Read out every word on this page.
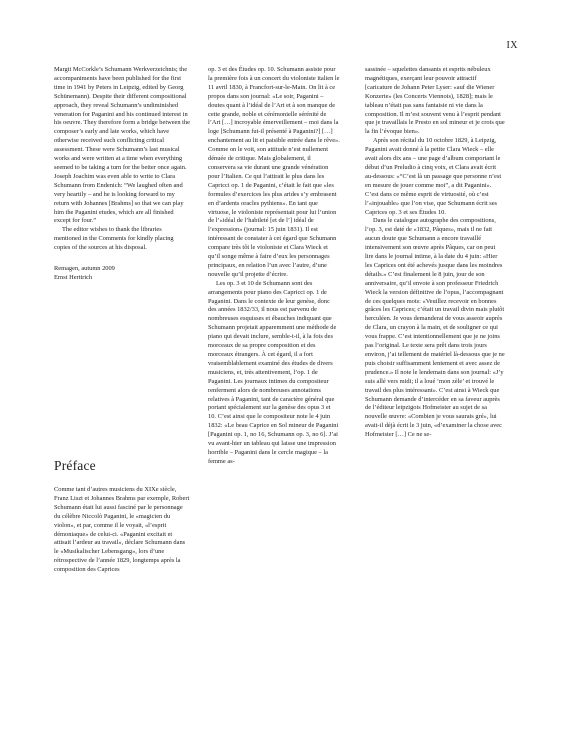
IX

Margit McCorkle’s Schumann Werkverzeichnis; the accompaniments have been published for the first time in 1941 by Peters in Leipzig, edited by Georg Schünemann). Despite their different compositional approach, they reveal Schumann’s undiminished veneration for Paganini and his continued interest in his oeuvre. They therefore form a bridge between the composer’s early and late works, which have otherwise received such conflicting critical assessment. These were Schumann’s last musical works and were written at a time when everything seemed to be taking a turn for the better once again. Joseph Joachim was even able to write to Clara Schumann from Endenich: “We laughed often and very heartily – and he is looking forward to my return with Johannes [Brahms] so that we can play him the Paganini etudes, which are all finished except for four.”

The editor wishes to thank the libraries mentioned in the Comments for kindly placing copies of the sources at his disposal.

Remagen, autumn 2009

Ernst Herttrich

Préface

Comme tant d’autres musiciens du XIXe siècle, Franz Liszt et Johannes Brahms par exemple, Robert Schumann était lui aussi fasciné par le personnage du célèbre Niccolò Paganini, le «magicien du violon», et par, comme il le voyait, «l’esprit démoniaque» de celui-ci. «Paganini excitait et attisait l’ardeur au travail», déclare Schumann dans le «Musikalischer Lebensgang», lors d’une rétrospective de l’année 1829, longtemps après la composition des Caprices

op. 3 et des Études op. 10. Schumann assiste pour la première fois à un concert du violoniste italien le 11 avril 1830, à Francfort-sur-le-Main. On lit à ce propos dans son journal: «Le soir, Paganini – doutes quant à l’idéal de l’Art et à son manque de cette grande, noble et cérémonielle sérénité de l’Art […] incroyable émerveillement – moi dans la loge [Schumann fut-il présenté à Paganini?] […] enchantement au lit et paisible entrée dans le rêve». Comme on le voit, son attitude n’est nullement dénuée de critique. Mais globalement, il conservera sa vie durant une grande vénération pour l’Italien. Ce qui l’attirait le plus dans les Capricci op. 1 de Paganini, c’était le fait que «les formules d’exercices les plus arides s’y embrasent en d’ardents oracles pythiens». En tant que virtuose, le violoniste représentait pour lui l’union de l’«idéal de l’habileté [et de l’] idéal de l’expression» (journal: 15 juin 1831). Il est intéressant de constater à cet égard que Schumann compare très tôt le violoniste et Clara Wieck et qu’il songe même à faire d’eux les personnages principaux, en relation l’un avec l’autre, d’une nouvelle qu’il projette d’écrire.

Les op. 3 et 10 de Schumann sont des arrangements pour piano des Capricci op. 1 de Paganini. Dans le contexte de leur genèse, donc des années 1832/33, il nous est parvenu de nombreuses esquisses et ébauches indiquant que Schumann projetait apparemment une méthode de piano qui devait inclure, semble-t-il, à la fois des morceaux de sa propre composition et des morceaux étrangers. À cet égard, il a fort vraisemblablement examiné des études de divers musiciens, et, très attentivement, l’op. 1 de Paganini. Les journaux intimes du compositeur renferment alors de nombreuses annotations relatives à Paganini, tant de caractère général que portant spécialement sur la genèse des opus 3 et 10. C’est ainsi que le compositeur note le 4 juin 1832: «Le beau Caprice en Sol mineur de Paganini [Paganini op. 1, no 16, Schumann op. 3, no 6]. J’ai vu avant-hier un tableau qui laisse une impression horrible – Paganini dans le cercle magique – la femme as-

sassinée – squelettes dansants et esprits nébuleux magnétiques, exerçant leur pouvoir attractif [caricature de Johann Peter Lyser: «auf die Wiener Konzerte» (les Concerts Viennois), 1828]; mais le tableau n’était pas sans fantaisie ni vie dans la composition. Il m’est souvent venu à l’esprit pendant que je travaillais le Presto en sol mineur et je crois que la fin l’évoque bien».

Après son récital du 10 octobre 1829, à Leipzig, Paganini avait donné à la petite Clara Wieck – elle avait alors dix ans – une page d’album comportant le début d’un Preludio à cinq voix, et Clara avait écrit au-dessous: «“C’est là un passage que personne n’est en mesure de jouer comme moi”, a dit Paganini». C’est dans ce même esprit de virtuosité, où c’est l’«injouable» que l’on vise, que Schumann écrit ses Caprices op. 3 et ses Études 10.

Dans le catalogue autographe des compositions, l’op. 3, est daté de «1832, Pâques», mais il ne fait aucun doute que Schumann a encore travaillé intensivement son œuvre après Pâques, car on peut lire dans le journal intime, à la date du 4 juin: «Hier les Caprices ont été achevés jusque dans les moindres détails.» C’est finalement le 8 juin, jour de son anniversaire, qu’il envoie à son professeur Friedrich Wieck la version définitive de l’opus, l’accompagnant de ces quelques mots: «Veuillez recevoir en bonnes grâces les Caprices; c’était un travail divin mais plutôt herculéen. Je vous demanderai de vous asseoir auprès de Clara, un crayon à la main, et de souligner ce qui vous frappe. C’est intentionnellement que je ne joins pas l’original. Le texte sera prêt dans trois jours environ, j’ai tellement de matériel là-dessous que je ne puis choisir suffisamment lentement et avec assez de prudence.» Il note le lendemain dans son journal: «J’y suis allé vers midi; il a loué ‘mon zèle’ et trouvé le travail des plus intéressant». C’est ainsi à Wieck que Schumann demande d’intercéder en sa faveur auprès de l’éditeur leipzigois Hofmeister au sujet de sa nouvelle œuvre: «Combien je vous saurais gré», lui avait-il déjà écrit le 3 juin, «d’examiner la chose avec Hofmeister […] Ce ne se-
